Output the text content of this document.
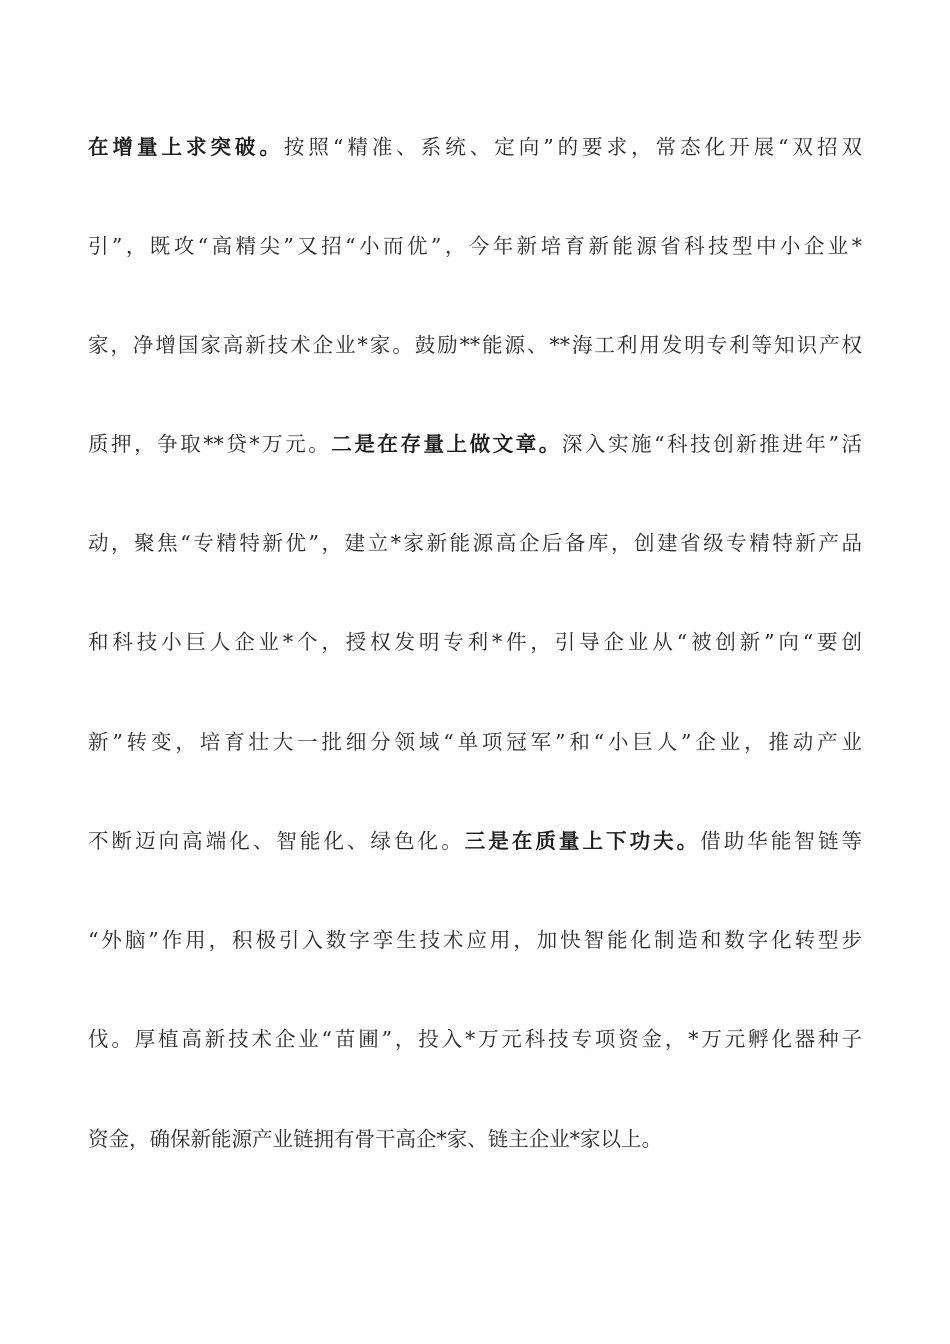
在增量上求突破。按照“精准、系统、定向”的要求，常态化开展“双招双
引”，既攻“高精尖”又招“小而优”，今年新培育新能源省科技型中小企业*
家，净增国家高新技术企业*家。鼓励**能源、**海工利用发明专利等知识产权
质押，争取**贷*万元。二是在存量上做文章。深入实施“科技创新推进年”活
动，聚焦“专精特新优”，建立*家新能源高企后备库，创建省级专精特新产品
和科技小巨人企业*个，授权发明专利*件，引导企业从“被创新”向“要创
新”转变，培育壮大一批细分领域“单项冠军”和“小巨人”企业，推动产业
不断迈向高端化、智能化、绿色化。三是在质量上下功夫。借助华能智链等
“外脑”作用，积极引入数字孪生技术应用，加快智能化制造和数字化转型步
伐。厚植高新技术企业“苗圃”，投入*万元科技专项资金，*万元孵化器种子
资金，确保新能源产业链拥有骨干高企*家、链主企业*家以上。
